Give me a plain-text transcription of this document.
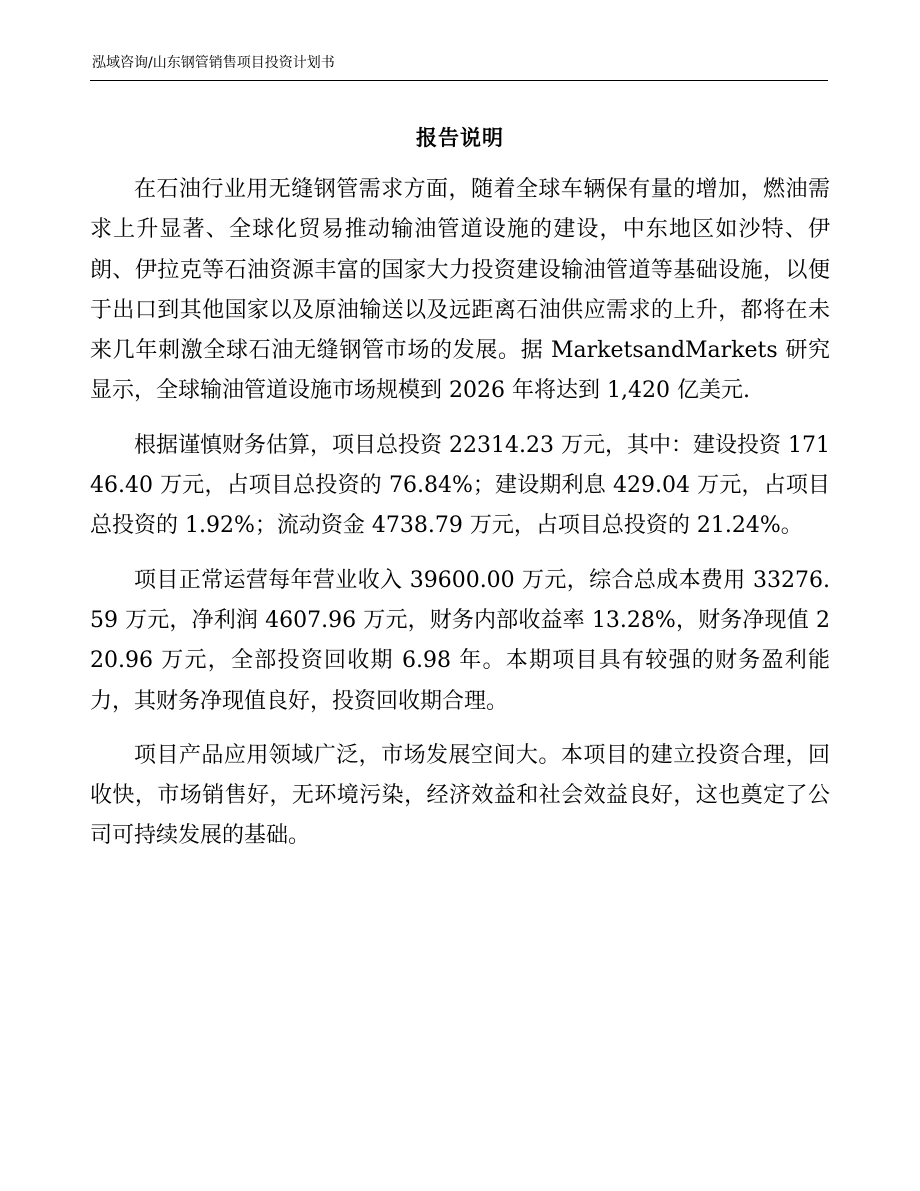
泓域咨询/山东钢管销售项目投资计划书
报告说明

在石油行业用无缝钢管需求方面，随着全球车辆保有量的增加，燃油需求上升显著、全球化贸易推动输油管道设施的建设，中东地区如沙特、伊朗、伊拉克等石油资源丰富的国家大力投资建设输油管道等基础设施，以便于出口到其他国家以及原油输送以及远距离石油供应需求的上升，都将在未来几年刺激全球石油无缝钢管市场的发展。据 MarketsandMarkets 研究显示，全球输油管道设施市场规模到 2026 年将达到 1,420 亿美元.

根据谨慎财务估算，项目总投资 22314.23 万元，其中：建设投资 17146.40 万元，占项目总投资的 76.84%；建设期利息 429.04 万元，占项目总投资的 1.92%；流动资金 4738.79 万元，占项目总投资的 21.24%。

项目正常运营每年营业收入 39600.00 万元，综合总成本费用 33276.59 万元，净利润 4607.96 万元，财务内部收益率 13.28%，财务净现值 220.96 万元，全部投资回收期 6.98 年。本期项目具有较强的财务盈利能力，其财务净现值良好，投资回收期合理。

项目产品应用领域广泛，市场发展空间大。本项目的建立投资合理，回收快，市场销售好，无环境污染，经济效益和社会效益良好，这也奠定了公司可持续发展的基础。
